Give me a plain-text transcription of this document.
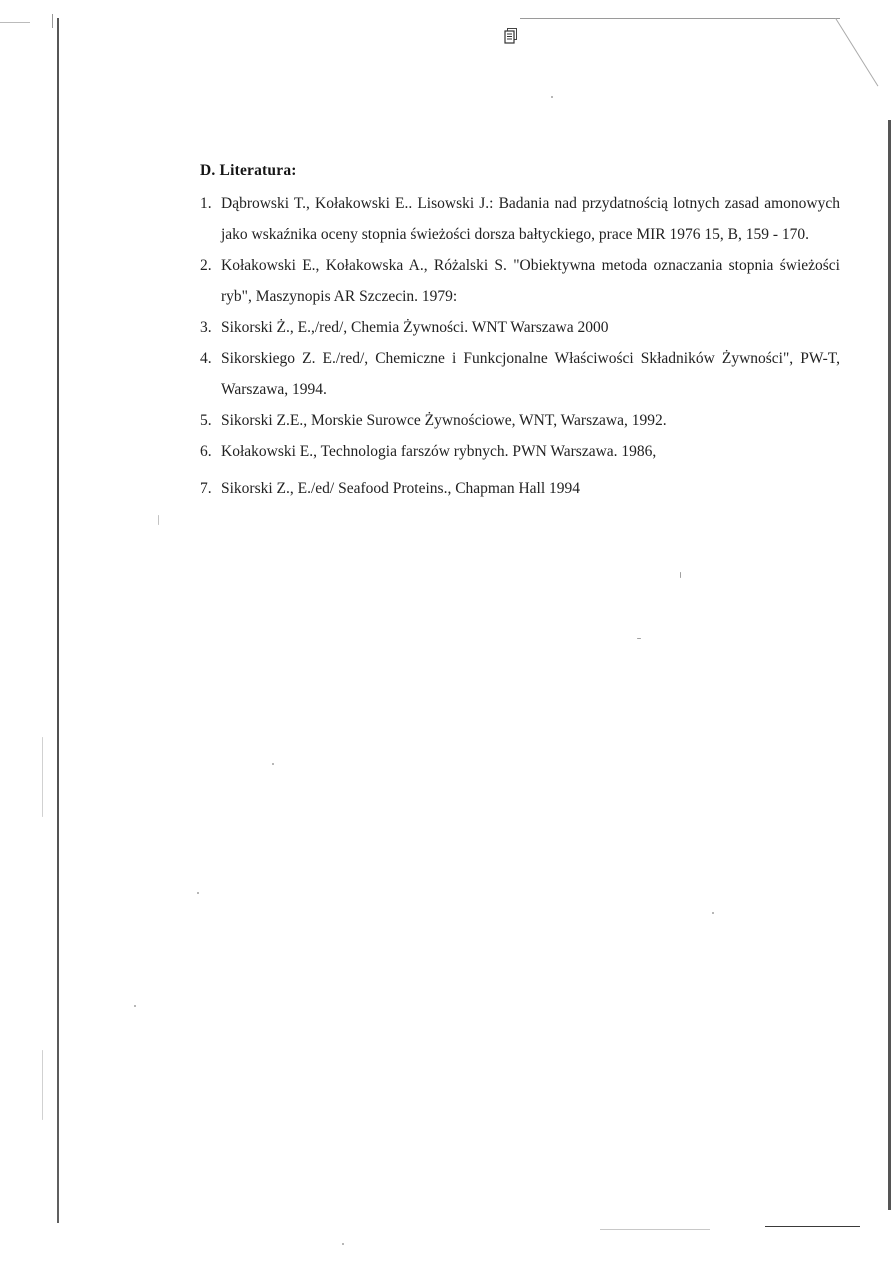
D. Literatura:
1. Dąbrowski T., Kołakowski E.. Lisowski J.: Badania nad przydatnością lotnych zasad amonowych jako wskaźnika oceny stopnia świeżości dorsza bałtyckiego, prace MIR 1976 15, B, 159 - 170.
2. Kołakowski E., Kołakowska A., Różalski S. "Obiektywna metoda oznaczania stopnia świeżości ryb", Maszynopis AR Szczecin. 1979:
3. Sikorski Ż., E.,/red/, Chemia Żywności. WNT Warszawa 2000
4. Sikorskiego Z. E./red/, Chemiczne i Funkcjonalne Właściwości Składników Żywności", PW-T, Warszawa, 1994.
5. Sikorski Z.E., Morskie Surowce Żywnościowe, WNT, Warszawa, 1992.
6. Kołakowski E., Technologia farszów rybnych. PWN Warszawa. 1986,
7. Sikorski Z., E./ed/ Seafood Proteins., Chapman Hall 1994
